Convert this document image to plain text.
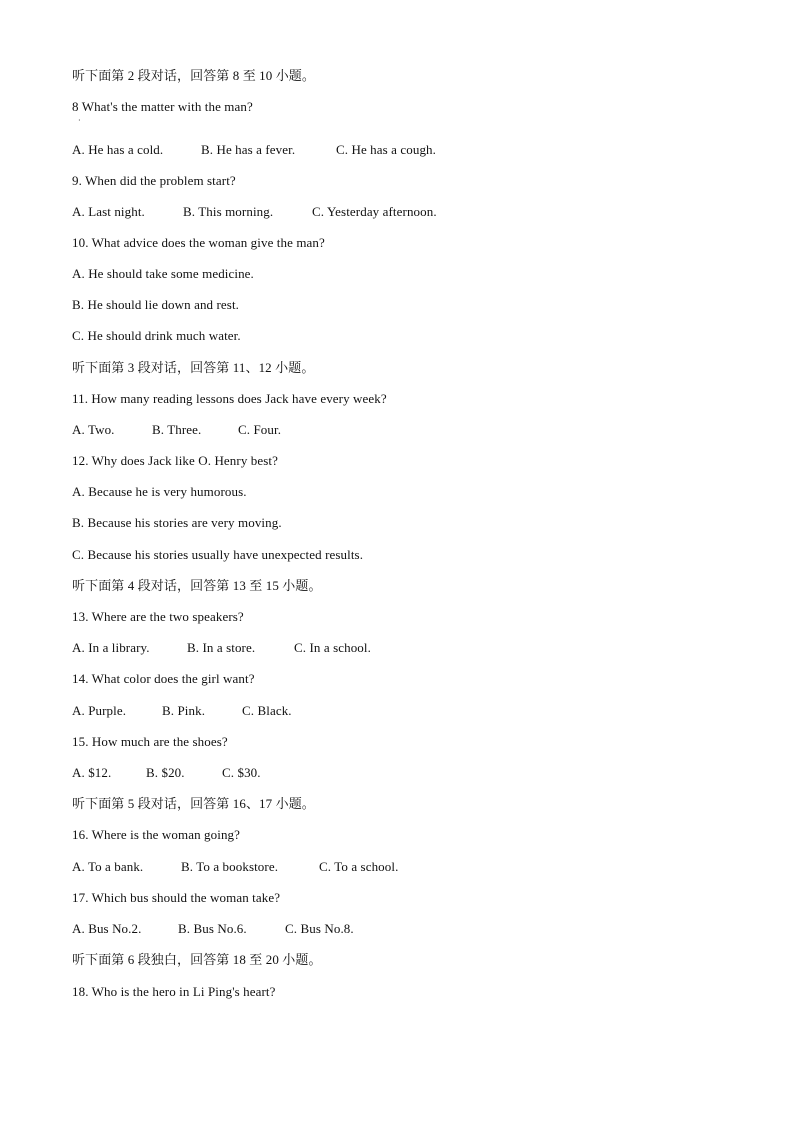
听下面第 2 段对话，回答第 8 至 10 小题。
8 What's the matter with the man?
·
A. He has a cold.	B. He has a fever.	C. He has a cough.
9. When did the problem start?
A. Last night.	B. This morning.	C. Yesterday afternoon.
10. What advice does the woman give the man?
A. He should take some medicine.
B. He should lie down and rest.
C. He should drink much water.
听下面第 3 段对话，回答第 11、12 小题。
11. How many reading lessons does Jack have every week?
A. Two.	B. Three.	C. Four.
12. Why does Jack like O. Henry best?
A. Because he is very humorous.
B. Because his stories are very moving.
C. Because his stories usually have unexpected results.
听下面第 4 段对话，回答第 13 至 15 小题。
13. Where are the two speakers?
A. In a library.	B. In a store.	C. In a school.
14. What color does the girl want?
A. Purple.	B. Pink.	C. Black.
15. How much are the shoes?
A. $12.	B. $20.	C. $30.
听下面第 5 段对话，回答第 16、17 小题。
16. Where is the woman going?
A. To a bank.	B. To a bookstore.	C. To a school.
17. Which bus should the woman take?
A. Bus No.2.	B. Bus No.6.	C. Bus No.8.
听下面第 6 段独白，回答第 18 至 20 小题。
18. Who is the hero in Li Ping's heart?
